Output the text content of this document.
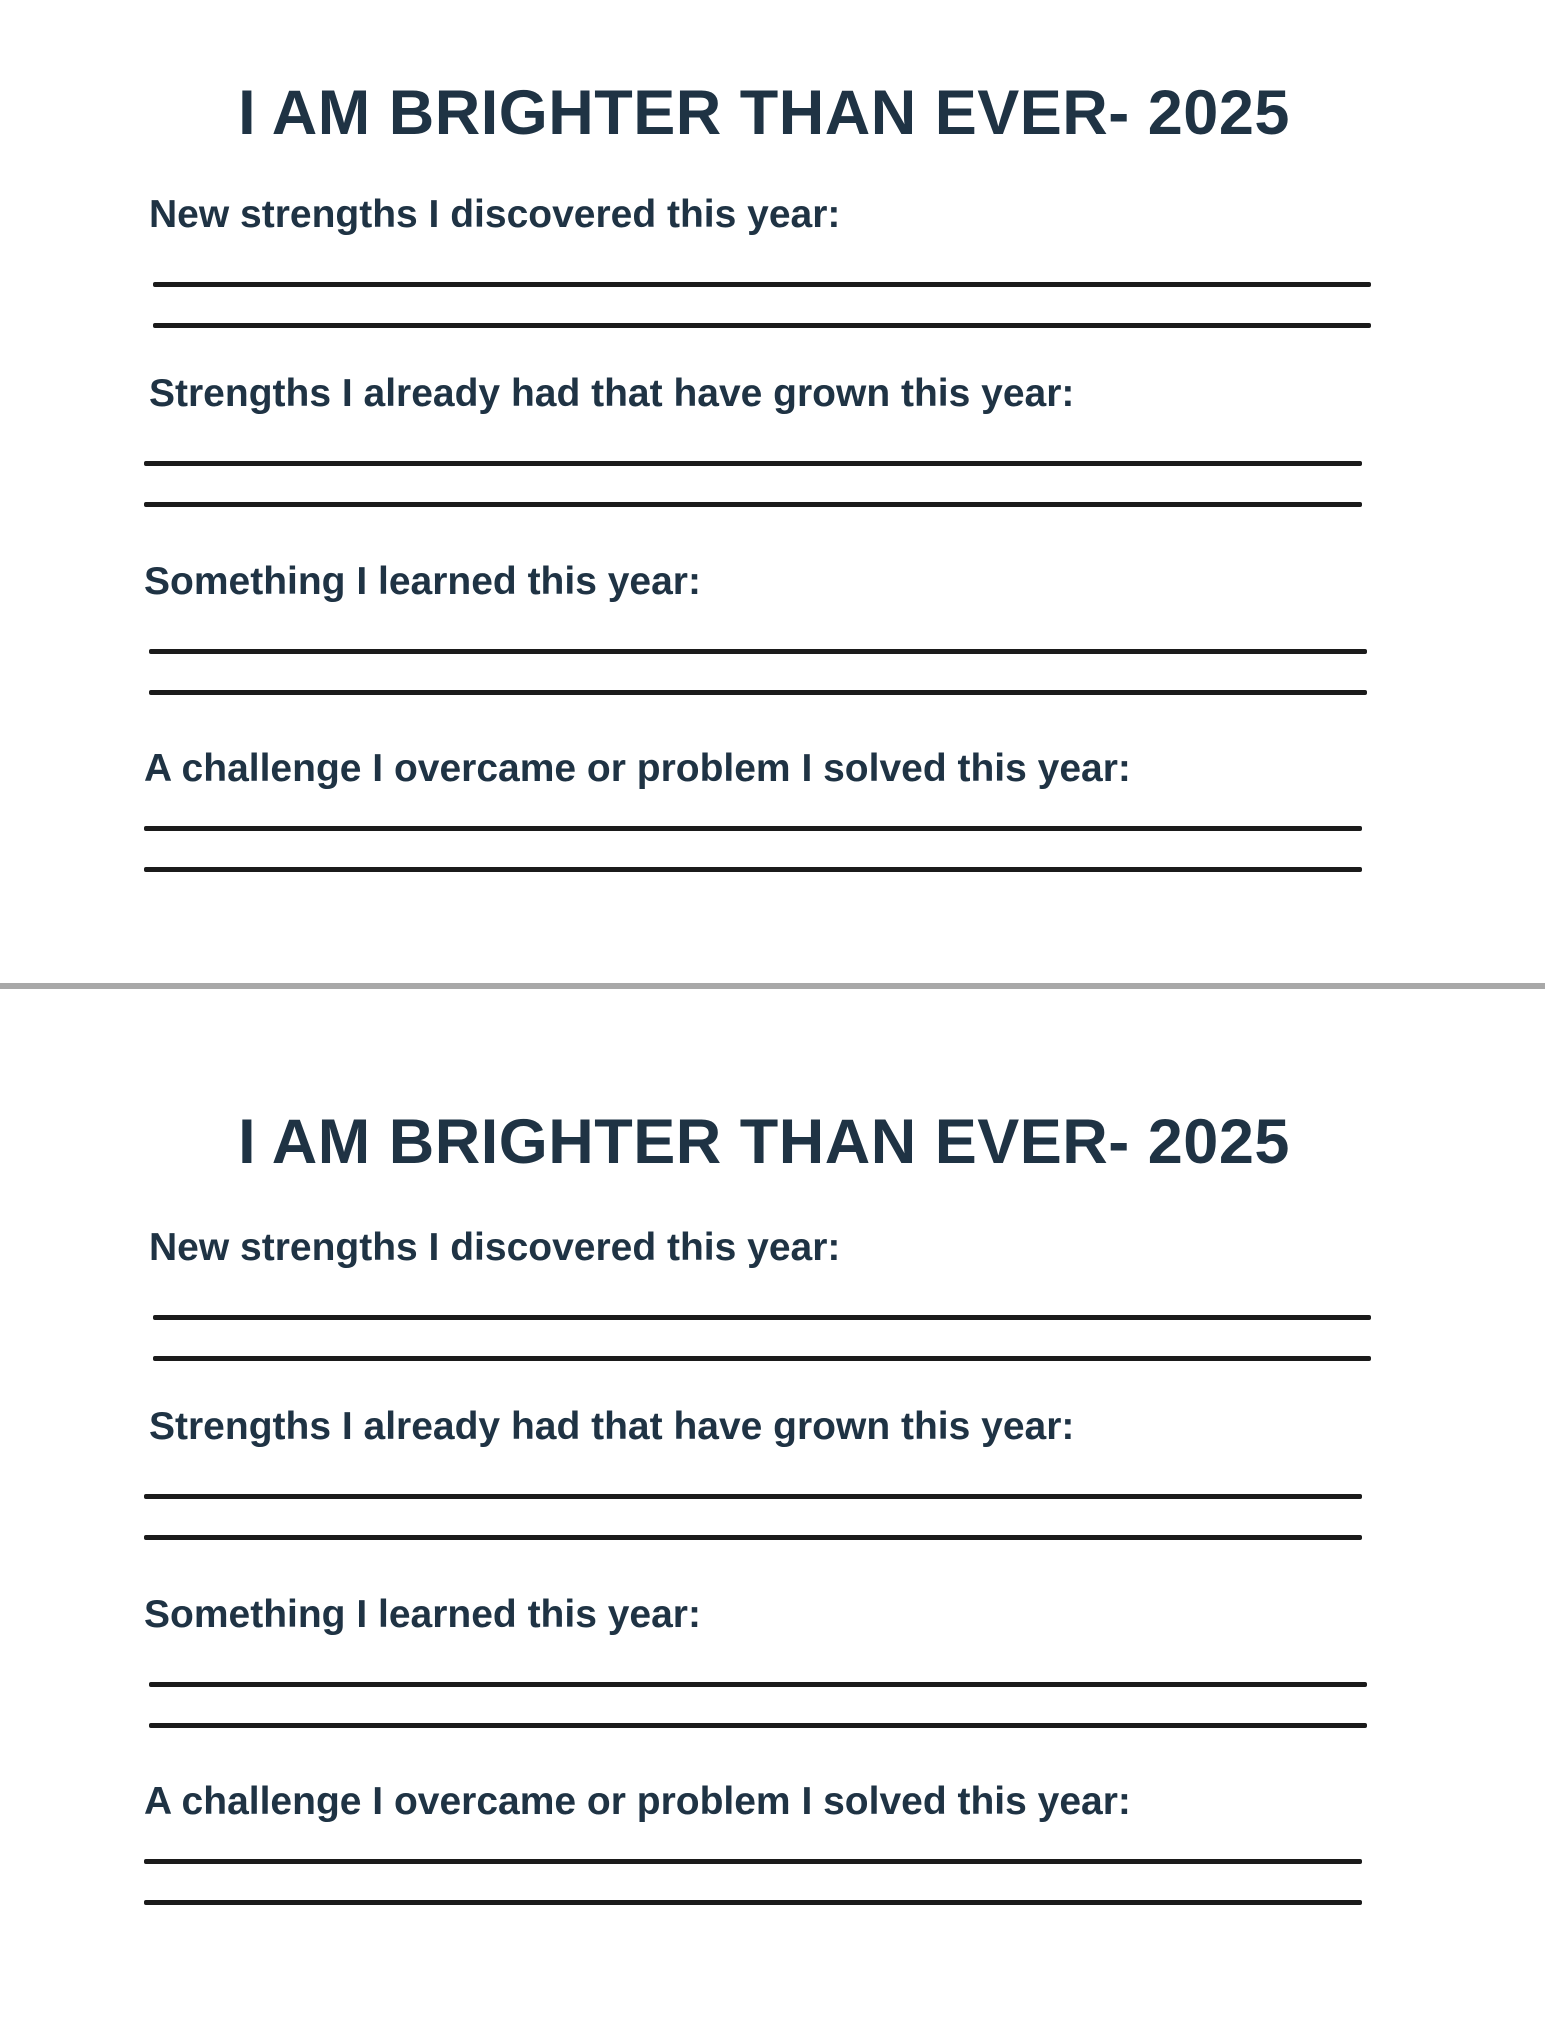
I AM BRIGHTER THAN EVER- 2025

New strengths I discovered this year:

Strengths I already had that have grown this year:

Something I learned this year:

A challenge I overcame or problem I solved this year:

I AM BRIGHTER THAN EVER- 2025

New strengths I discovered this year:

Strengths I already had that have grown this year:

Something I learned this year:

A challenge I overcame or problem I solved this year:
